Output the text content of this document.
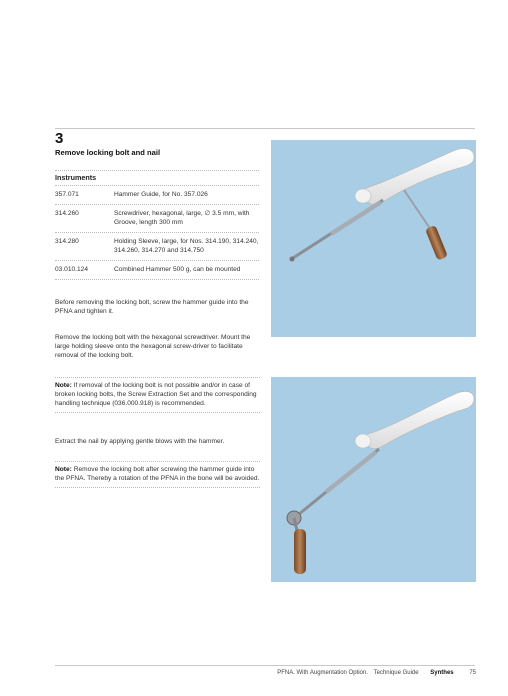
3
Remove locking bolt and nail
Instruments
357.071	Hammer Guide, for No. 357.026
314.260	Screwdriver, hexagonal, large, ∅ 3.5 mm, with Groove, length 300 mm
314.280	Holding Sleeve, large, for Nos. 314.190, 314.240, 314.260, 314.270 and 314.750
03.010.124	Combined Hammer 500 g, can be mounted
Before removing the locking bolt, screw the hammer guide into the PFNA and tighten it.
Remove the locking bolt with the hexagonal screwdriver. Mount the large holding sleeve onto the hexagonal screw-driver to facilitate removal of the locking bolt.
Note: If removal of the locking bolt is not possible and/or in case of broken locking bolts, the Screw Extraction Set and the corresponding handling technique (036.000.918) is recommended.
Extract the nail by applying gentle blows with the hammer.
Note: Remove the locking bolt after screwing the hammer guide into the PFNA. Thereby a rotation of the PFNA in the bone will be avoided.
PFNA. With Augmentation Option. Technique Guide Synthes	75
